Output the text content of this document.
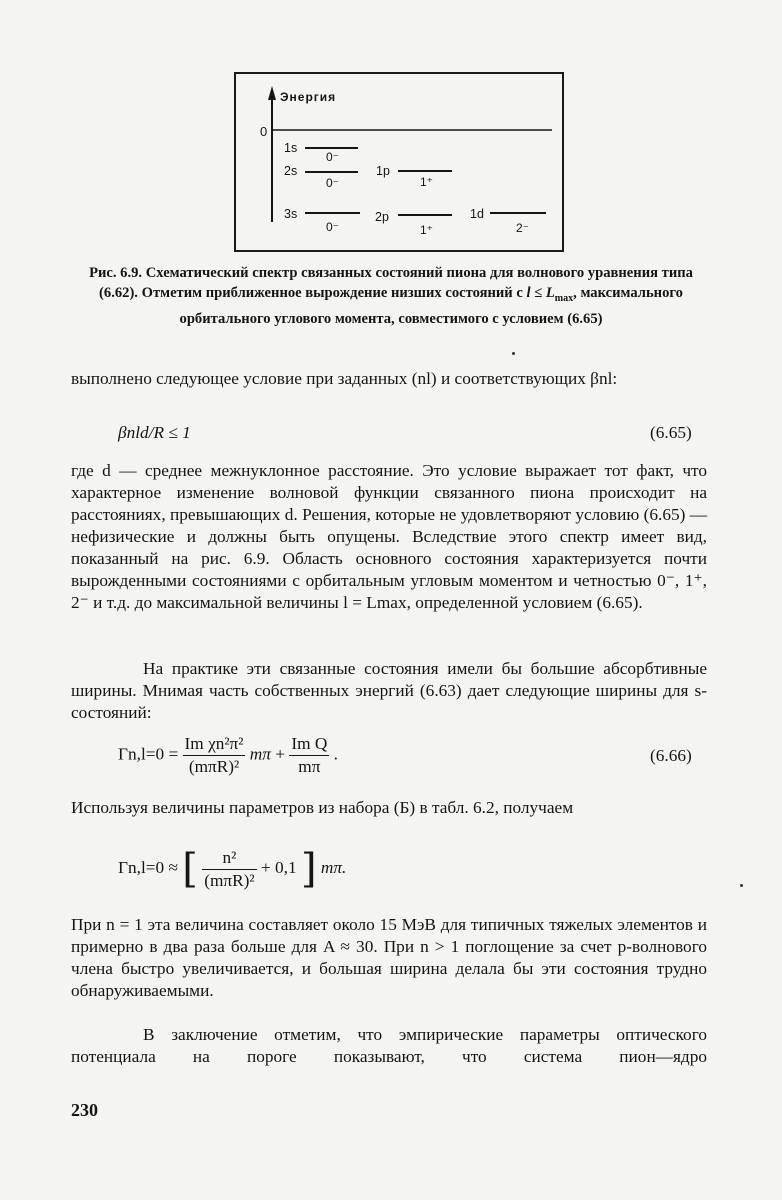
Энергия
0
1s
0⁻
2s
0⁻
1p
1⁺
3s
0⁻
2p
1⁺
1d
2⁻
Рис. 6.9. Схематический спектр связанных состояний пиона для волнового уравнения типа (6.62). Отметим приближенное вырождение низших состояний с $l \le L_{max}$, максимального орбитального углового момента, совместимого с условием (6.65)
выполнено следующее условие при заданных (nl) и соответствующих βnl:
βnld/R ≤ 1	(6.65)
где d — среднее межнуклонное расстояние. Это условие выражает тот факт, что характерное изменение волновой функции связанного пиона происходит на расстояниях, превышающих d. Решения, которые не удовлетворяют условию (6.65) — нефизические и должны быть опущены. Вследствие этого спектр имеет вид, показанный на рис. 6.9. Область основного состояния характеризуется почти вырожденными состояниями с орбитальным угловым моментом и четностью 0⁻, 1⁺, 2⁻ и т.д. до максимальной величины l = Lmax, определенной условием (6.65).
На практике эти связанные состояния имели бы большие абсорбтивные ширины. Мнимая часть собственных энергий (6.63) дает следующие ширины для s-состояний:
$\Gamma n,l=0 = \frac{\text{Im χn²π²}}{\text{(mπR)²}}$ $m\pi + \frac{\text{Im Q}}{m\pi}$ .	(6.66)
Используя величины параметров из набора (Б) в табл. 6.2, получаем
Γn,l=0 ≈ [ $\frac{\text{n²}}{\text{(mπR)²}} + 0,1$ ] mπ.
При n = 1 эта величина составляет около 15 МэВ для типичных тяжелых элементов и примерно в два раза больше для A ≈ 30. При n > 1 поглощение за счет p-волнового члена быстро увеличивается, и большая ширина делала бы эти состояния трудно обнаруживаемыми.
В заключение отметим, что эмпирические параметры оптического потенциала на пороге показывают, что система пион—ядро
230
